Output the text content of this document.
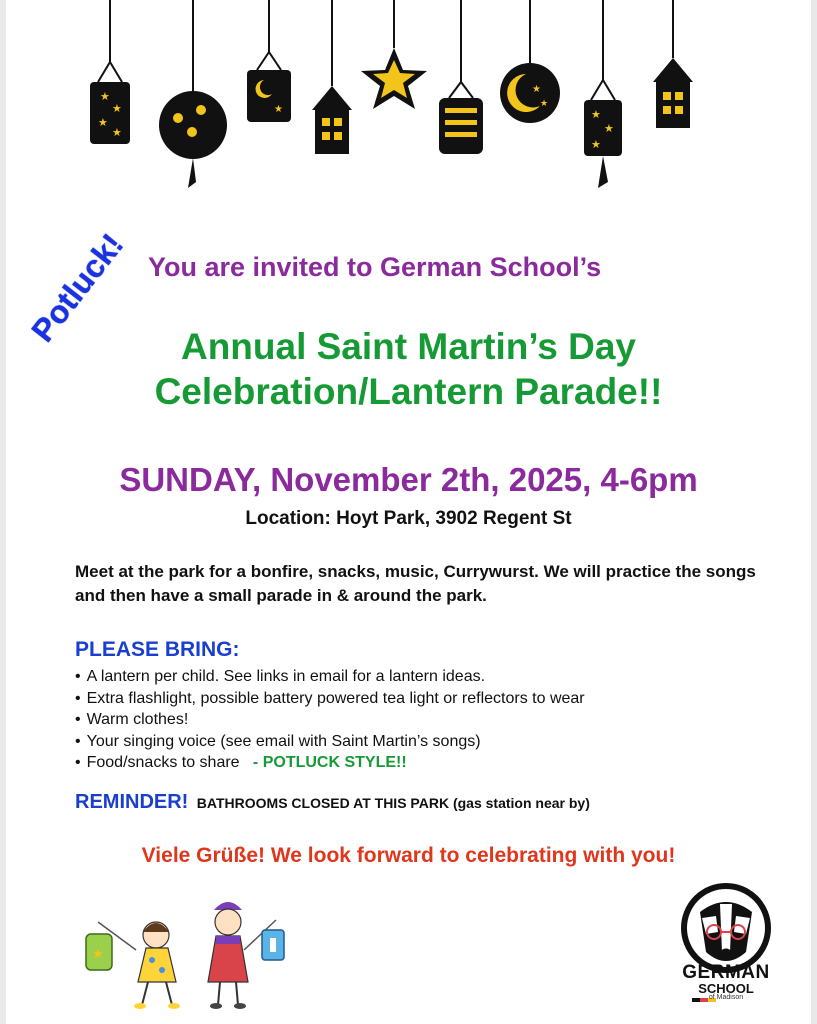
★
★
★
★
★
★
★
★
★
★
Potluck! You are invited to German School’s
Annual Saint Martin’s Day
Celebration/Lantern Parade!!
SUNDAY, November 2th, 2025, 4-6pm
Location: Hoyt Park, 3902 Regent St
Meet at the park for a bonfire, snacks, music, Currywurst. We will practice the songs and then have a small parade in & around the park.
PLEASE BRING:
• A lantern per child. See links in email for a lantern ideas.
• Extra flashlight, possible battery powered tea light or reflectors to wear
• Warm clothes!
• Your singing voice (see email with Saint Martin’s songs)
• Food/snacks to share - POTLUCK STYLE!!
REMINDER! BATHROOMS CLOSED AT THIS PARK (gas station near by)
Viele Grüße! We look forward to celebrating with you!
★
GERMAN
SCHOOL
of Madison
